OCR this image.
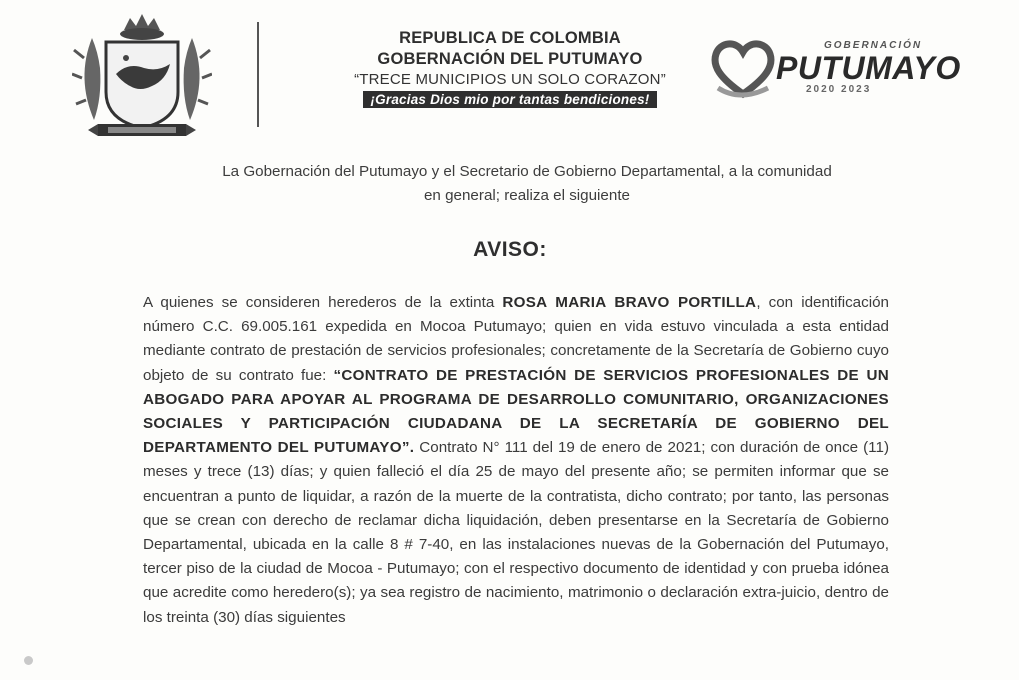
REPUBLICA DE COLOMBIA
GOBERNACIÓN DEL PUTUMAYO
“TRECE MUNICIPIOS UN SOLO CORAZON”
¡Gracias Dios mio por tantas bendiciones!
GOBERNACIÓN
PUTUMAYO
2020 2023
La Gobernación del Putumayo y el Secretario de Gobierno Departamental, a la comunidad
en general; realiza el siguiente
AVISO:
A quienes se consideren herederos de la extinta ROSA MARIA BRAVO PORTILLA, con identificación número C.C. 69.005.161 expedida en Mocoa Putumayo; quien en vida estuvo vinculada a esta entidad mediante contrato de prestación de servicios profesionales; concretamente de la Secretaría de Gobierno cuyo objeto de su contrato fue: “CONTRATO DE PRESTACIÓN DE SERVICIOS PROFESIONALES DE UN ABOGADO PARA APOYAR AL PROGRAMA DE DESARROLLO COMUNITARIO, ORGANIZACIONES SOCIALES Y PARTICIPACIÓN CIUDADANA DE LA SECRETARÍA DE GOBIERNO DEL DEPARTAMENTO DEL PUTUMAYO”. Contrato N° 111 del 19 de enero de 2021; con duración de once (11) meses y trece (13) días; y quien falleció el día 25 de mayo del presente año; se permiten informar que se encuentran a punto de liquidar, a razón de la muerte de la contratista, dicho contrato; por tanto, las personas que se crean con derecho de reclamar dicha liquidación, deben presentarse en la Secretaría de Gobierno Departamental, ubicada en la calle 8 # 7-40, en las instalaciones nuevas de la Gobernación del Putumayo, tercer piso de la ciudad de Mocoa - Putumayo; con el respectivo documento de identidad y con prueba idónea que acredite como heredero(s); ya sea registro de nacimiento, matrimonio o declaración extra-juicio, dentro de los treinta (30) días siguientes
